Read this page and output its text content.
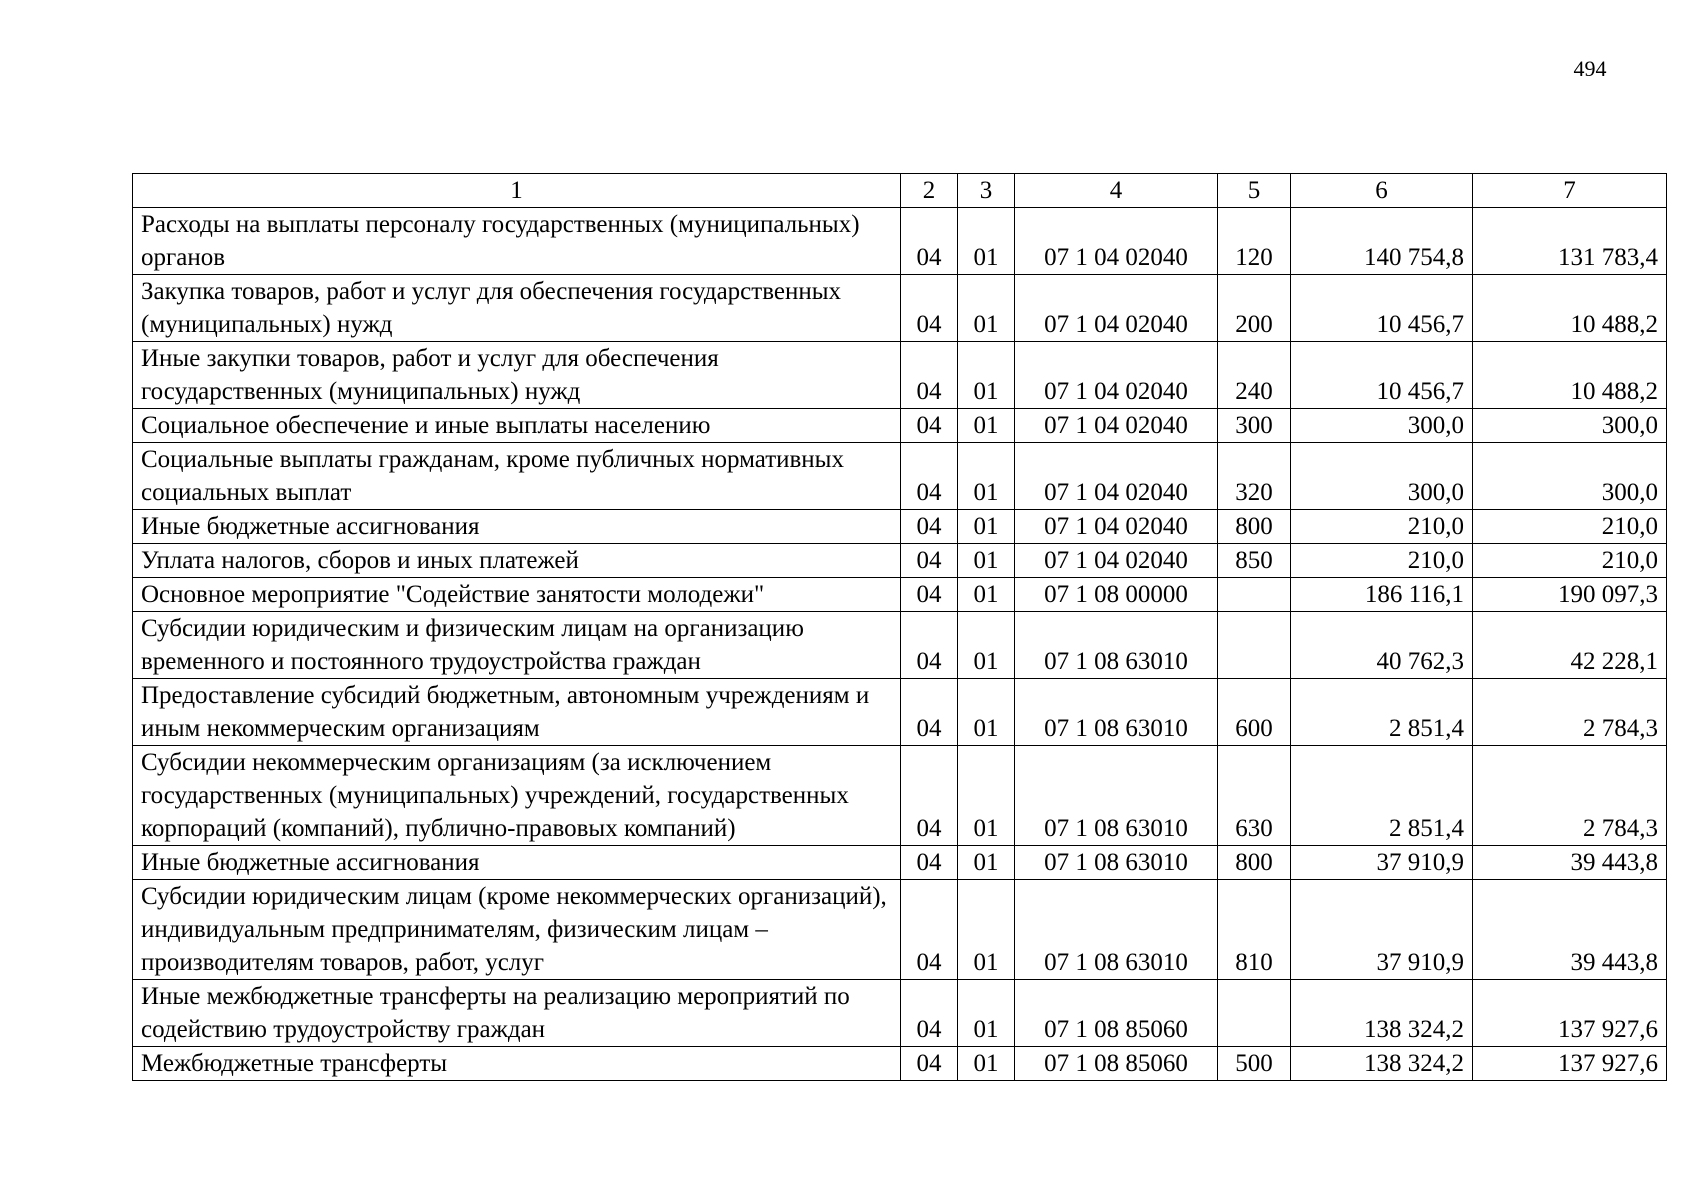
494
1	2	3	4	5	6	7
Расходы на выплаты персоналу государственных (муниципальных) органов	04	01	07 1 04 02040	120	140 754,8	131 783,4
Закупка товаров, работ и услуг для обеспечения государственных (муниципальных) нужд	04	01	07 1 04 02040	200	10 456,7	10 488,2
Иные закупки товаров, работ и услуг для обеспечения государственных (муниципальных) нужд	04	01	07 1 04 02040	240	10 456,7	10 488,2
Социальное обеспечение и иные выплаты населению	04	01	07 1 04 02040	300	300,0	300,0
Социальные выплаты гражданам, кроме публичных нормативных социальных выплат	04	01	07 1 04 02040	320	300,0	300,0
Иные бюджетные ассигнования	04	01	07 1 04 02040	800	210,0	210,0
Уплата налогов, сборов и иных платежей	04	01	07 1 04 02040	850	210,0	210,0
Основное мероприятие "Содействие занятости молодежи"	04	01	07 1 08 00000		186 116,1	190 097,3
Субсидии юридическим и физическим лицам на организацию временного и постоянного трудоустройства граждан	04	01	07 1 08 63010		40 762,3	42 228,1
Предоставление субсидий бюджетным, автономным учреждениям и иным некоммерческим организациям	04	01	07 1 08 63010	600	2 851,4	2 784,3
Субсидии некоммерческим организациям (за исключением государственных (муниципальных) учреждений, государственных корпораций (компаний), публично-правовых компаний)	04	01	07 1 08 63010	630	2 851,4	2 784,3
Иные бюджетные ассигнования	04	01	07 1 08 63010	800	37 910,9	39 443,8
Субсидии юридическим лицам (кроме некоммерческих организаций), индивидуальным предпринимателям, физическим лицам – производителям товаров, работ, услуг	04	01	07 1 08 63010	810	37 910,9	39 443,8
Иные межбюджетные трансферты на реализацию мероприятий по содействию трудоустройству граждан	04	01	07 1 08 85060		138 324,2	137 927,6
Межбюджетные трансферты	04	01	07 1 08 85060	500	138 324,2	137 927,6
